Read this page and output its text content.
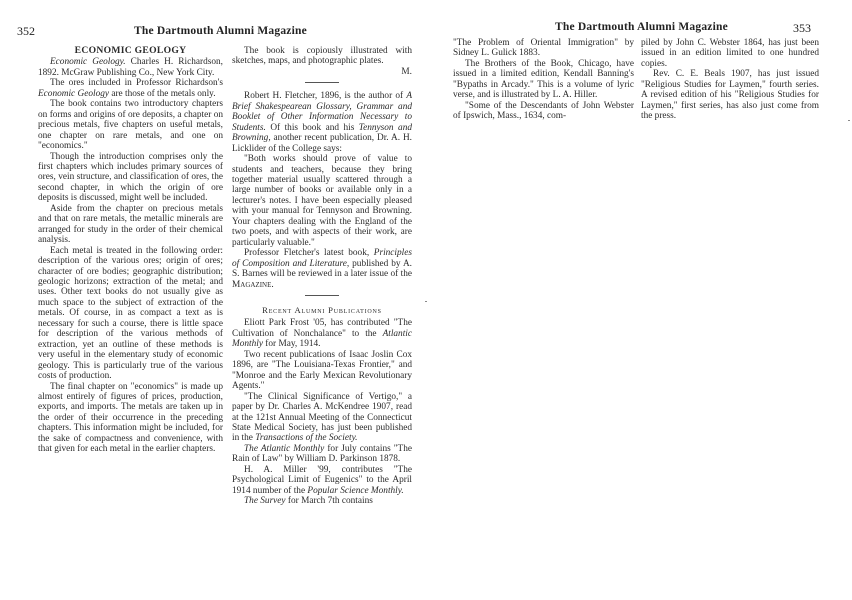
352	The Dartmouth Alumni Magazine	The Dartmouth Alumni Magazine	353
ECONOMIC GEOLOGY

Economic Geology. Charles H. Richardson, 1892. McGraw Publishing Co., New York City.

The ores included in Professor Richardson's Economic Geology are those of the metals only.

The book contains two introductory chapters on forms and origins of ore deposits, a chapter on precious metals, five chapters on useful metals, one chapter on rare metals, and one on "economics."

Though the introduction comprises only the first chapters which includes primary sources of ores, vein structure, and classification of ores, the second chapter, in which the origin of ore deposits is discussed, might well be included.

Aside from the chapter on precious metals and that on rare metals, the metallic minerals are arranged for study in the order of their chemical analysis.

Each metal is treated in the following order: description of the various ores; origin of ores; character of ore bodies; geographic distribution; geologic horizons; extraction of the metal; and uses. Other text books do not usually give as much space to the subject of extraction of the metals. Of course, in as compact a text as is necessary for such a course, there is little space for description of the various methods of extraction, yet an outline of these methods is very useful in the elementary study of economic geology. This is particularly true of the various costs of production.

The final chapter on "economics" is made up almost entirely of figures of prices, production, exports, and imports. The metals are taken up in the order of their occurrence in the preceding chapters. This information might be included, for the sake of compactness and convenience, with that given for each metal in the earlier chapters.

The book is copiously illustrated with sketches, maps, and photographic plates.

M.

Robert H. Fletcher, 1896, is the author of A Brief Shakespearean Glossary, Grammar and Booklet of Other Information Necessary to Students. Of this book and his Tennyson and Browning, another recent publication, Dr. A. H. Licklider of the College says:

"Both works should prove of value to students and teachers, because they bring together material usually scattered through a large number of books or available only in a lecturer's notes. I have been especially pleased with your manual for Tennyson and Browning. Your chapters dealing with the England of the two poets, and with aspects of their work, are particularly valuable."

Professor Fletcher's latest book, Principles of Composition and Literature, published by A. S. Barnes will be reviewed in a later issue of the Magazine.

Recent Alumni Publications

Eliott Park Frost '05, has contributed "The Cultivation of Nonchalance" to the Atlantic Monthly for May, 1914.

Two recent publications of Isaac Joslin Cox 1896, are "The Louisiana-Texas Frontier," and "Monroe and the Early Mexican Revolutionary Agents."

"The Clinical Significance of Vertigo," a paper by Dr. Charles A. McKendree 1907, read at the 121st Annual Meeting of the Connecticut State Medical Society, has just been published in the Transactions of the Society.

The Atlantic Monthly for July contains "The Rain of Law" by William D. Parkinson 1878.

H. A. Miller '99, contributes "The Psychological Limit of Eugenics" to the April 1914 number of the Popular Science Monthly.

The Survey for March 7th contains

"The Problem of Oriental Immigration" by Sidney L. Gulick 1883.

The Brothers of the Book, Chicago, have issued in a limited edition, Kendall Banning's "Bypaths in Arcady." This is a volume of lyric verse, and is illustrated by L. A. Hiller.

"Some of the Descendants of John Webster of Ipswich, Mass., 1634, com-

piled by John C. Webster 1864, has just been issued in an edition limited to one hundred copies.

Rev. C. E. Beals 1907, has just issued "Religious Studies for Laymen," fourth series. A revised edition of his "Religious Studies for Laymen," first series, has also just come from the press.
